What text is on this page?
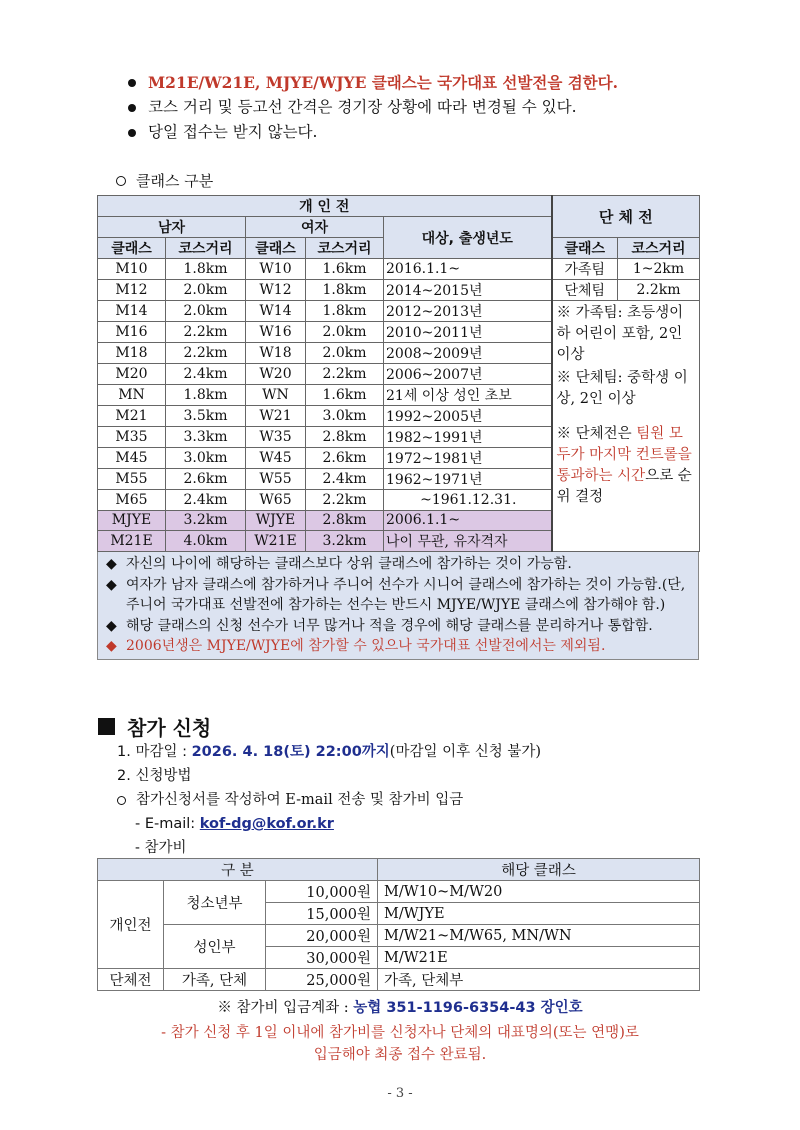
M21E/W21E, MJYE/WJYE 클래스는 국가대표 선발전을 겸한다.
코스 거리 및 등고선 간격은 경기장 상황에 따라 변경될 수 있다.
당일 접수는 받지 않는다.
클래스 구분
개 인 전					단 체 전	
남자		여자		대상, 출생년도		
클래스	코스거리	클래스	코스거리		클래스	코스거리
M10	1.8km	W10	1.6km	2016.1.1~	가족팀	1~2km
M12	2.0km	W12	1.8km	2014~2015년	단체팀	2.2km
M14	2.0km	W14	1.8km	2012~2013년	※ 가족팀: 초등생이하 어린이 포함, 2인 이상
※ 단체팀: 중학생 이상, 2인 이상
※ 단체전은 팀원 모두가 마지막 컨트롤을 통과하는 시간으로 순위 결정	

M16	2.2km	W16	2.0km	2010~2011년		
M18	2.2km	W18	2.0km	2008~2009년		
M20	2.4km	W20	2.2km	2006~2007년		
MN	1.8km	WN	1.6km	21세 이상 성인 초보		
M21	3.5km	W21	3.0km	1992~2005년		
M35	3.3km	W35	2.8km	1982~1991년		
M45	3.0km	W45	2.6km	1972~1981년		
M55	2.6km	W55	2.4km	1962~1971년		
M65	2.4km	W65	2.2km	~1961.12.31.		
MJYE	3.2km	WJYE	2.8km	2006.1.1~		
M21E	4.0km	W21E	3.2km	나이 무관, 유자격자		
◆ 자신의 나이에 해당하는 클래스보다 상위 클래스에 참가하는 것이 가능함.
◆ 여자가 남자 클래스에 참가하거나 주니어 선수가 시니어 클래스에 참가하는 것이 가능함.(단, 주니어 국가대표 선발전에 참가하는 선수는 반드시 MJYE/WJYE 클래스에 참가해야 함.)
◆ 해당 클래스의 신청 선수가 너무 많거나 적을 경우에 해당 클래스를 분리하거나 통합함.
◆ 2006년생은 MJYE/WJYE에 참가할 수 있으나 국가대표 선발전에서는 제외됨.
참가 신청
1. 마감일 : 2026. 4. 18(토) 22:00까지(마감일 이후 신청 불가)
2. 신청방법
참가신청서를 작성하여 E-mail 전송 및 참가비 입금
- E-mail: kof-dg@kof.or.kr
- 참가비
구 분			해당 클래스
개인전	청소년부	10,000원	M/W10~M/W20
		15,000원	M/WJYE
	성인부	20,000원	M/W21~M/W65, MN/WN
		30,000원	M/W21E
단체전	가족, 단체	25,000원	가족, 단체부
※ 참가비 입금계좌 : 농협 351-1196-6354-43 장인호
- 참가 신청 후 1일 이내에 참가비를 신청자나 단체의 대표명의(또는 연맹)로
입금해야 최종 접수 완료됨.
- 3 -
